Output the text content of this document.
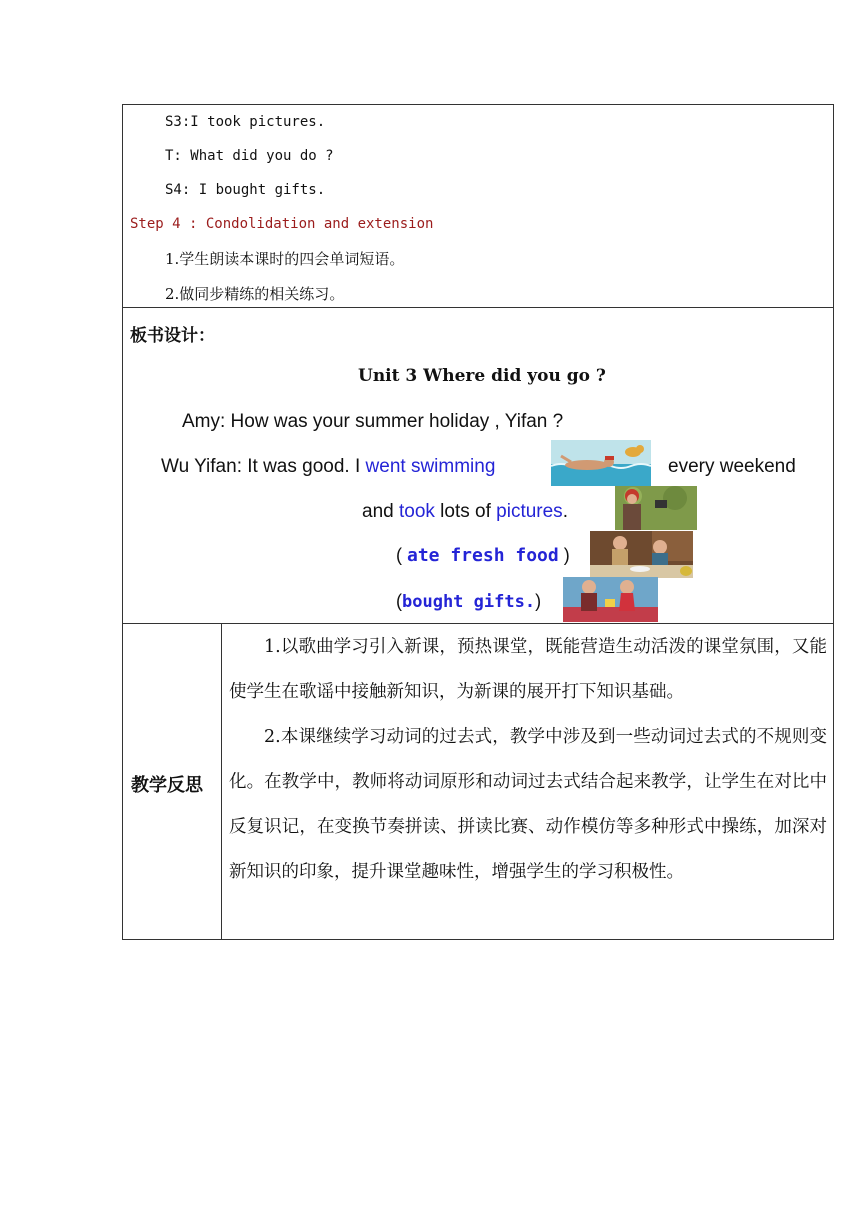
S3:I took pictures.
T: What did you do ?
S4: I bought gifts.
Step 4 : Condolidation and extension
1.学生朗读本课时的四会单词短语。
2.做同步精练的相关练习。
板书设计：
Unit 3 Where did you go ?
Amy: How was your summer holiday , Yifan ?
Wu Yifan: It was good. I went swimming	every weekend
and took lots of pictures.
( ate fresh food )
(bought gifts.)
教学反思

1.以歌曲学习引入新课，预热课堂，既能营造生动活泼的课堂氛围，又能使学生在歌谣中接触新知识，为新课的展开打下知识基础。

2.本课继续学习动词的过去式，教学中涉及到一些动词过去式的不规则变化。在教学中，教师将动词原形和动词过去式结合起来教学，让学生在对比中反复识记，在变换节奏拼读、拼读比赛、动作模仿等多种形式中操练，加深对新知识的印象，提升课堂趣味性，增强学生的学习积极性。
